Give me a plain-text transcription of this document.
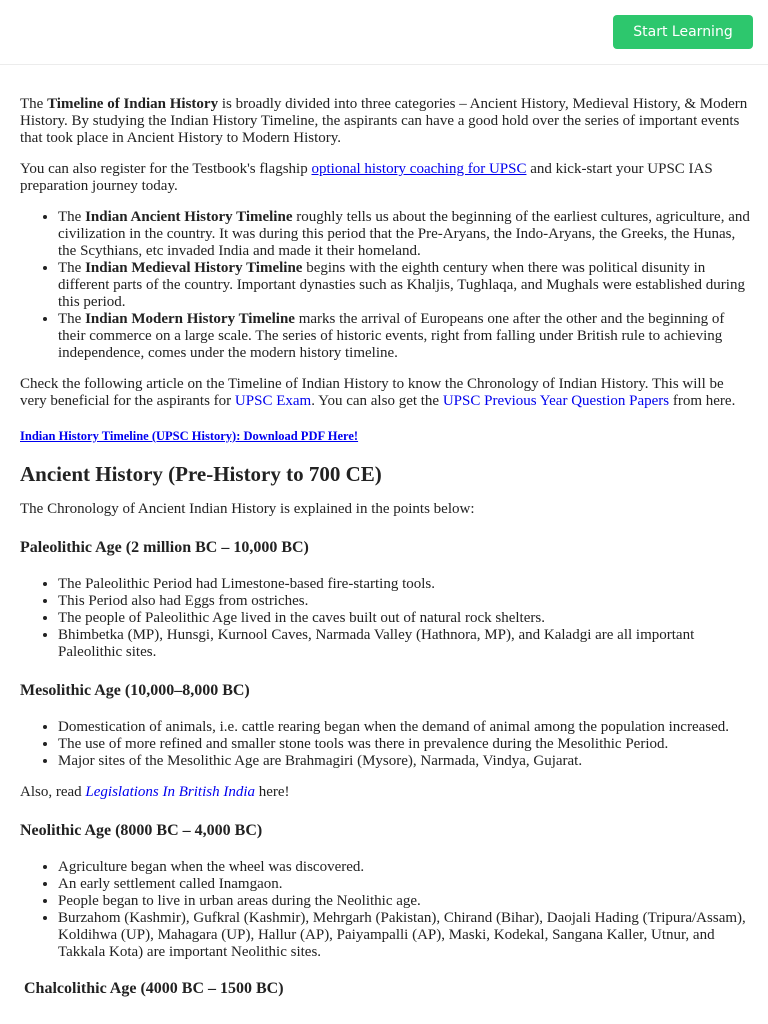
Start Learning

The Timeline of Indian History is broadly divided into three categories – Ancient History, Medieval History, & Modern History. By studying the Indian History Timeline, the aspirants can have a good hold over the series of important events that took place in Ancient History to Modern History.

You can also register for the Testbook's flagship optional history coaching for UPSC and kick-start your UPSC IAS preparation journey today.

• The Indian Ancient History Timeline roughly tells us about the beginning of the earliest cultures, agriculture, and civilization in the country. It was during this period that the Pre-Aryans, the Indo-Aryans, the Greeks, the Hunas, the Scythians, etc invaded India and made it their homeland.
• The Indian Medieval History Timeline begins with the eighth century when there was political disunity in different parts of the country. Important dynasties such as Khaljis, Tughlaqa, and Mughals were established during this period.
• The Indian Modern History Timeline marks the arrival of Europeans one after the other and the beginning of their commerce on a large scale. The series of historic events, right from falling under British rule to achieving independence, comes under the modern history timeline.

Check the following article on the Timeline of Indian History to know the Chronology of Indian History. This will be very beneficial for the aspirants for UPSC Exam. You can also get the UPSC Previous Year Question Papers from here.

Indian History Timeline (UPSC History): Download PDF Here!

Ancient History (Pre-History to 700 CE)

The Chronology of Ancient Indian History is explained in the points below:

Paleolithic Age (2 million BC – 10,000 BC)
• The Paleolithic Period had Limestone-based fire-starting tools.
• This Period also had Eggs from ostriches.
• The people of Paleolithic Age lived in the caves built out of natural rock shelters.
• Bhimbetka (MP), Hunsgi, Kurnool Caves, Narmada Valley (Hathnora, MP), and Kaladgi are all important Paleolithic sites.
Mesolithic Age (10,000–8,000 BC)
• Domestication of animals, i.e. cattle rearing began when the demand of animal among the population increased.
• The use of more refined and smaller stone tools was there in prevalence during the Mesolithic Period.
• Major sites of the Mesolithic Age are Brahmagiri (Mysore), Narmada, Vindya, Gujarat.

Also, read Legislations In British India here!

Neolithic Age (8000 BC – 4,000 BC)
• Agriculture began when the wheel was discovered.
• An early settlement called Inamgaon.
• People began to live in urban areas during the Neolithic age.
• Burzahom (Kashmir), Gufkral (Kashmir), Mehrgarh (Pakistan), Chirand (Bihar), Daojali Hading (Tripura/Assam), Koldihwa (UP), Mahagara (UP), Hallur (AP), Paiyampalli (AP), Maski, Kodekal, Sangana Kaller, Utnur, and Takkala Kota) are important Neolithic sites.
Chalcolithic Age (4000 BC – 1500 BC)
